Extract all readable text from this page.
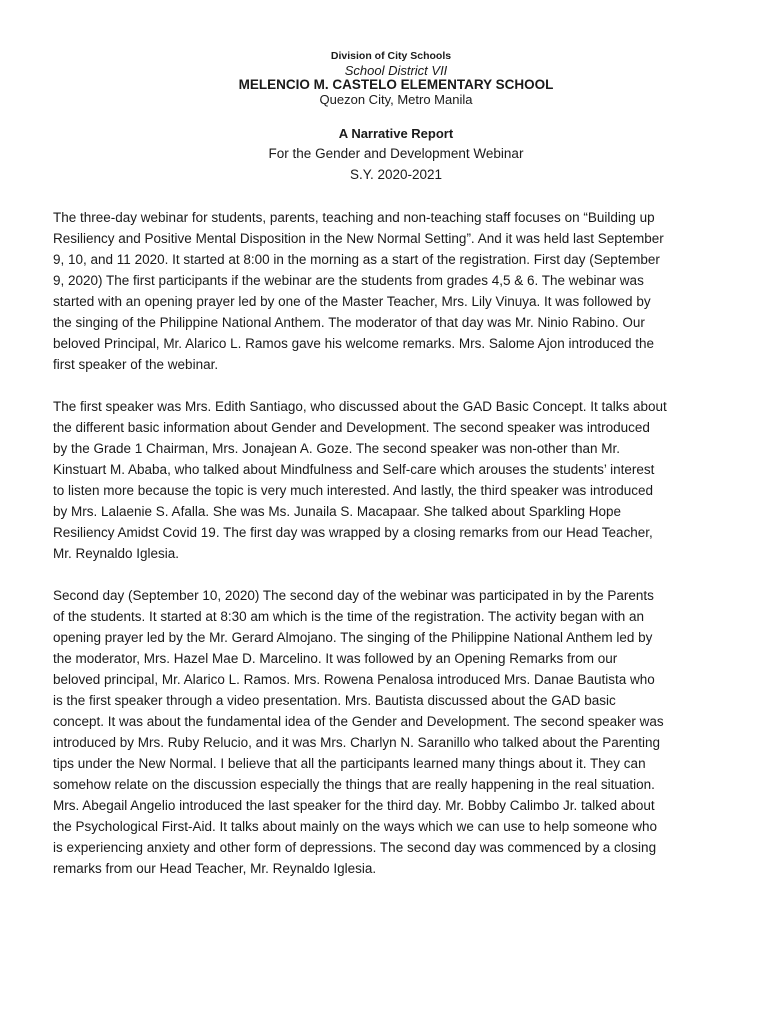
Division of City Schools
School District VII
MELENCIO M. CASTELO ELEMENTARY SCHOOL
Quezon City, Metro Manila
A Narrative Report
For the Gender and Development Webinar
S.Y. 2020-2021

The three-day webinar for students, parents, teaching and non-teaching staff focuses on “Building up
Resiliency and Positive Mental Disposition in the New Normal Setting”. And it was held last September
9, 10, and 11 2020. It started at 8:00 in the morning as a start of the registration. First day (September
9, 2020) The first participants if the webinar are the students from grades 4,5 & 6. The webinar was
started with an opening prayer led by one of the Master Teacher, Mrs. Lily Vinuya. It was followed by
the singing of the Philippine National Anthem. The moderator of that day was Mr. Ninio Rabino. Our
beloved Principal, Mr. Alarico L. Ramos gave his welcome remarks. Mrs. Salome Ajon introduced the
first speaker of the webinar.

The first speaker was Mrs. Edith Santiago, who discussed about the GAD Basic Concept. It talks about
the different basic information about Gender and Development. The second speaker was introduced
by the Grade 1 Chairman, Mrs. Jonajean A. Goze. The second speaker was non-other than Mr.
Kinstuart M. Ababa, who talked about Mindfulness and Self-care which arouses the students’ interest
to listen more because the topic is very much interested. And lastly, the third speaker was introduced
by Mrs. Lalaenie S. Afalla. She was Ms. Junaila S. Macapaar. She talked about Sparkling Hope
Resiliency Amidst Covid 19. The first day was wrapped by a closing remarks from our Head Teacher,
Mr. Reynaldo Iglesia.

Second day (September 10, 2020) The second day of the webinar was participated in by the Parents
of the students. It started at 8:30 am which is the time of the registration. The activity began with an
opening prayer led by the Mr. Gerard Almojano. The singing of the Philippine National Anthem led by
the moderator, Mrs. Hazel Mae D. Marcelino. It was followed by an Opening Remarks from our
beloved principal, Mr. Alarico L. Ramos. Mrs. Rowena Penalosa introduced Mrs. Danae Bautista who
is the first speaker through a video presentation. Mrs. Bautista discussed about the GAD basic
concept. It was about the fundamental idea of the Gender and Development. The second speaker was
introduced by Mrs. Ruby Relucio, and it was Mrs. Charlyn N. Saranillo who talked about the Parenting
tips under the New Normal. I believe that all the participants learned many things about it. They can
somehow relate on the discussion especially the things that are really happening in the real situation.
Mrs. Abegail Angelio introduced the last speaker for the third day. Mr. Bobby Calimbo Jr. talked about
the Psychological First-Aid. It talks about mainly on the ways which we can use to help someone who
is experiencing anxiety and other form of depressions. The second day was commenced by a closing
remarks from our Head Teacher, Mr. Reynaldo Iglesia.
